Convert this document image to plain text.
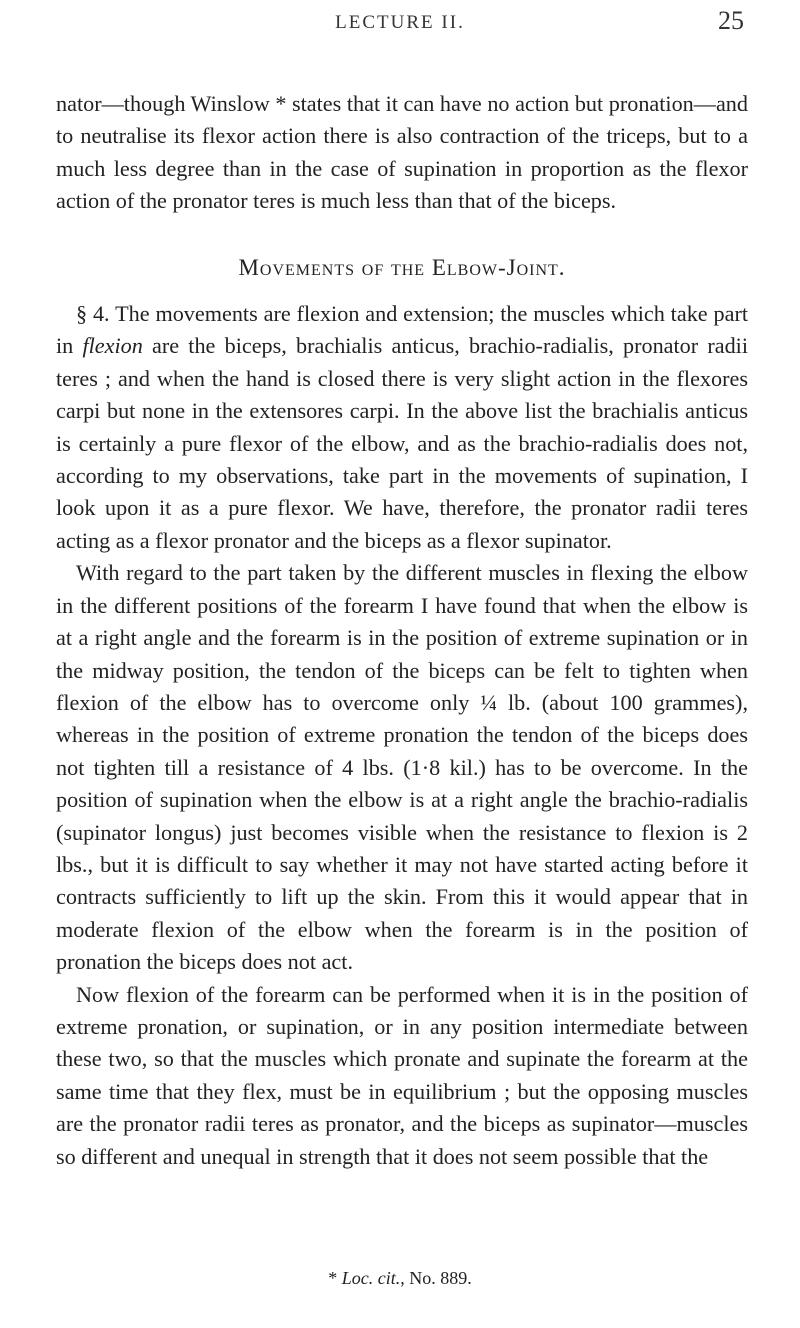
LECTURE II.	25

nator—though Winslow * states that it can have no action but pronation—and to neutralise its flexor action there is also contraction of the triceps, but to a much less degree than in the case of supination in proportion as the flexor action of the pronator teres is much less than that of the biceps.

Movements of the Elbow-Joint.

§ 4. The movements are flexion and extension; the muscles which take part in flexion are the biceps, brachialis anticus, brachio-radialis, pronator radii teres ; and when the hand is closed there is very slight action in the flexores carpi but none in the extensores carpi. In the above list the brachialis anticus is certainly a pure flexor of the elbow, and as the brachio-radialis does not, according to my observations, take part in the movements of supination, I look upon it as a pure flexor. We have, therefore, the pronator radii teres acting as a flexor pronator and the biceps as a flexor supinator.

With regard to the part taken by the different muscles in flexing the elbow in the different positions of the forearm I have found that when the elbow is at a right angle and the forearm is in the position of extreme supination or in the midway position, the tendon of the biceps can be felt to tighten when flexion of the elbow has to overcome only ¼ lb. (about 100 grammes), whereas in the position of extreme pronation the tendon of the biceps does not tighten till a resistance of 4 lbs. (1·8 kil.) has to be overcome. In the position of supination when the elbow is at a right angle the brachio-radialis (supinator longus) just becomes visible when the resistance to flexion is 2 lbs., but it is difficult to say whether it may not have started acting before it contracts sufficiently to lift up the skin. From this it would appear that in moderate flexion of the elbow when the forearm is in the position of pronation the biceps does not act.

Now flexion of the forearm can be performed when it is in the position of extreme pronation, or supination, or in any position intermediate between these two, so that the muscles which pronate and supinate the forearm at the same time that they flex, must be in equilibrium ; but the opposing muscles are the pronator radii teres as pronator, and the biceps as supinator—muscles so different and unequal in strength that it does not seem possible that the

* Loc. cit., No. 889.
